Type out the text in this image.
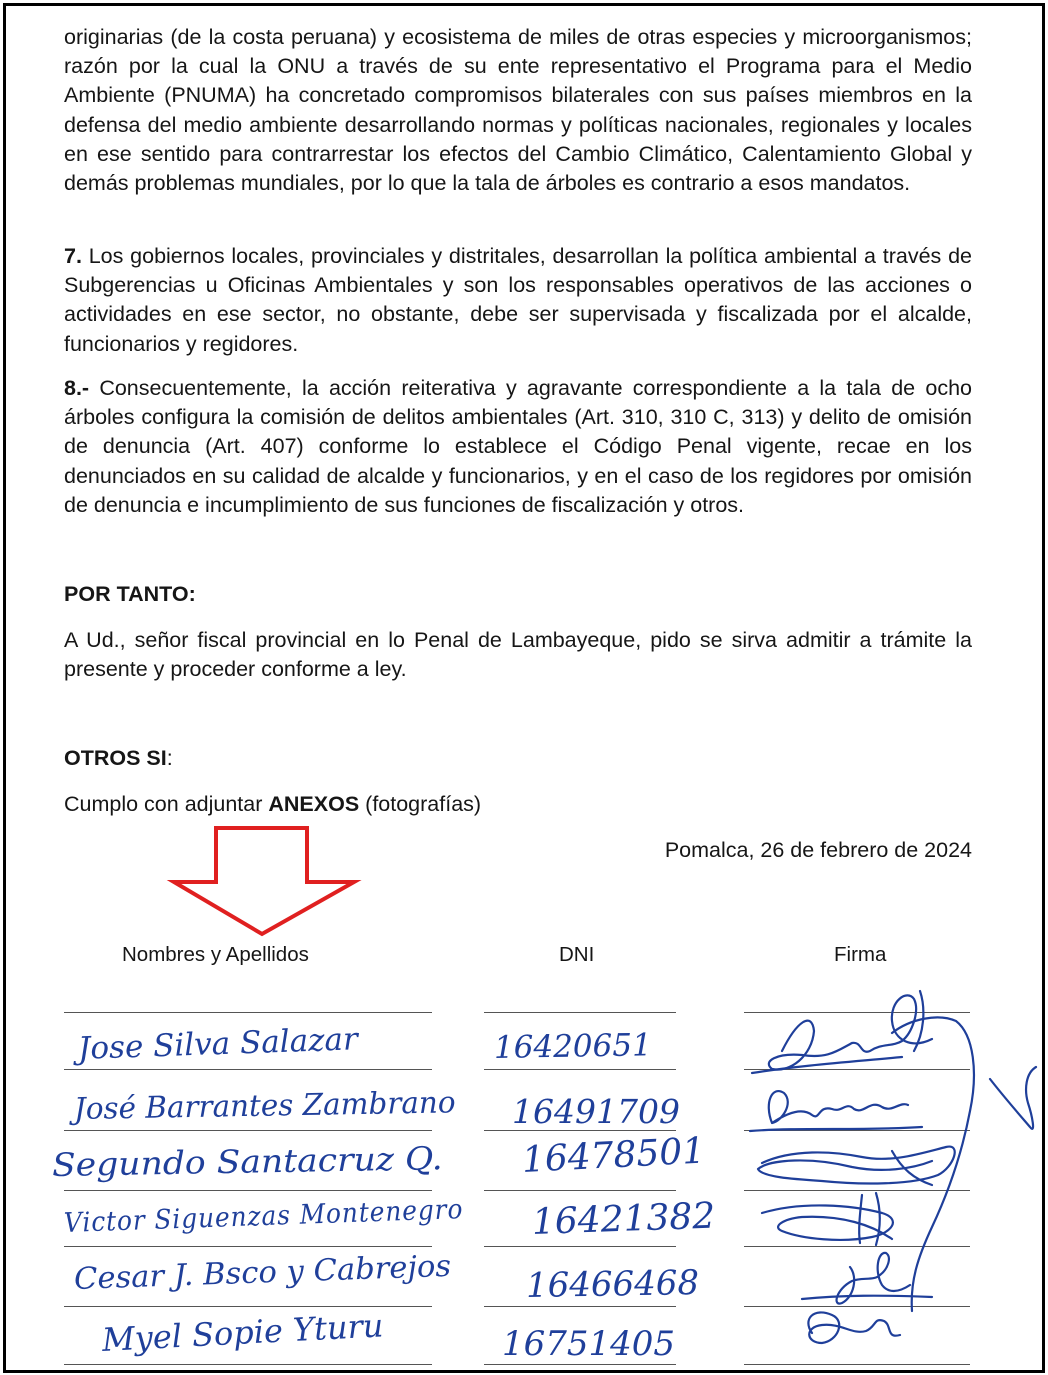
originarias (de la costa peruana) y ecosistema de miles de otras especies y microorganismos; razón por la cual la ONU a través de su ente representativo el Programa para el Medio Ambiente (PNUMA) ha concretado compromisos bilaterales con sus países miembros en la defensa del medio ambiente desarrollando normas y políticas nacionales, regionales y locales en ese sentido para contrarrestar los efectos del Cambio Climático, Calentamiento Global y demás problemas mundiales, por lo que la tala de árboles es contrario a esos mandatos.

7. Los gobiernos locales, provinciales y distritales, desarrollan la política ambiental a través de Subgerencias u Oficinas Ambientales y son los responsables operativos de las acciones o actividades en ese sector, no obstante, debe ser supervisada y fiscalizada por el alcalde, funcionarios y regidores.

8.- Consecuentemente, la acción reiterativa y agravante correspondiente a la tala de ocho árboles configura la comisión de delitos ambientales (Art. 310, 310 C, 313) y delito de omisión de denuncia (Art. 407) conforme lo establece el Código Penal vigente, recae en los denunciados en su calidad de alcalde y funcionarios, y en el caso de los regidores por omisión de denuncia e incumplimiento de sus funciones de fiscalización y otros.

POR TANTO:

A Ud., señor fiscal provincial en lo Penal de Lambayeque, pido se sirva admitir a trámite la presente y proceder conforme a ley.

OTROS SI:

Cumplo con adjuntar ANEXOS (fotografías)

Pomalca, 26 de febrero de 2024
Nombres y Apellidos	DNI	Firma
Jose Silva Salazar	16420651
José Barrantes Zambrano 16491709
Segundo Santacruz Q. 16478501
Victor Siguenzas Montenegro 16421382
Cesar J. Bsco y Cabrejos 16466468
Myel Sopie Yturu	16751405
